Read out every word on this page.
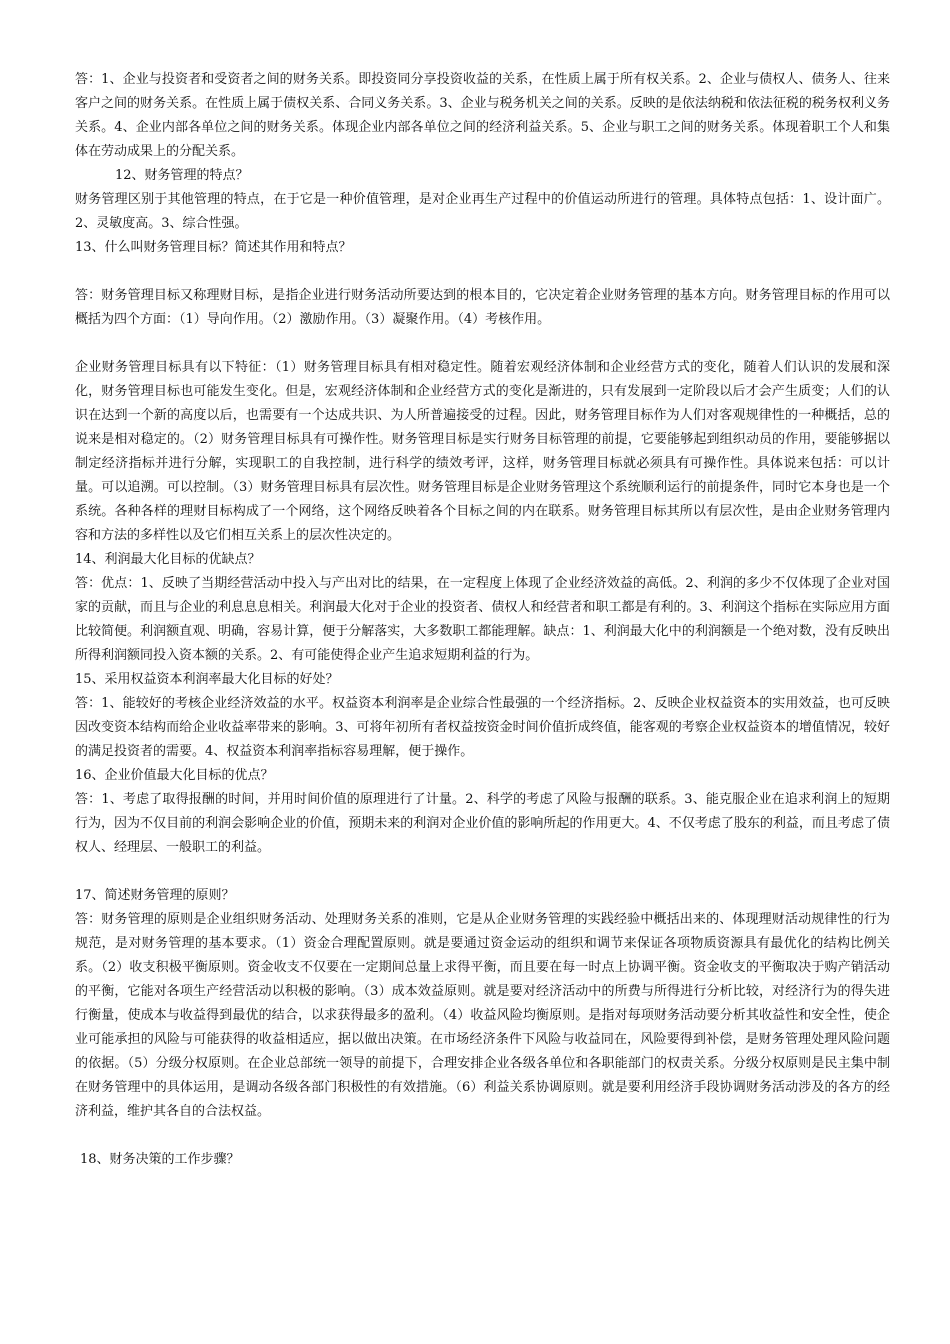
答：1、企业与投资者和受资者之间的财务关系。即投资同分享投资收益的关系，在性质上属于所有权关系。2、企业与债权人、债务人、往来客户之间的财务关系。在性质上属于债权关系、合同义务关系。3、企业与税务机关之间的关系。反映的是依法纳税和依法征税的税务权利义务关系。4、企业内部各单位之间的财务关系。体现企业内部各单位之间的经济利益关系。5、企业与职工之间的财务关系。体现着职工个人和集体在劳动成果上的分配关系。

12、财务管理的特点？

财务管理区别于其他管理的特点，在于它是一种价值管理，是对企业再生产过程中的价值运动所进行的管理。具体特点包括：1、设计面广。2、灵敏度高。3、综合性强。

13、什么叫财务管理目标？简述其作用和特点？

答：财务管理目标又称理财目标，是指企业进行财务活动所要达到的根本目的，它决定着企业财务管理的基本方向。财务管理目标的作用可以概括为四个方面：（1）导向作用。（2）激励作用。（3）凝聚作用。（4）考核作用。

企业财务管理目标具有以下特征：（1）财务管理目标具有相对稳定性。随着宏观经济体制和企业经营方式的变化，随着人们认识的发展和深化，财务管理目标也可能发生变化。但是，宏观经济体制和企业经营方式的变化是渐进的，只有发展到一定阶段以后才会产生质变；人们的认识在达到一个新的高度以后，也需要有一个达成共识、为人所普遍接受的过程。因此，财务管理目标作为人们对客观规律性的一种概括，总的说来是相对稳定的。（2）财务管理目标具有可操作性。财务管理目标是实行财务目标管理的前提，它要能够起到组织动员的作用，要能够据以制定经济指标并进行分解，实现职工的自我控制，进行科学的绩效考评，这样，财务管理目标就必须具有可操作性。具体说来包括：可以计量。可以追溯。可以控制。（3）财务管理目标具有层次性。财务管理目标是企业财务管理这个系统顺利运行的前提条件，同时它本身也是一个系统。各种各样的理财目标构成了一个网络，这个网络反映着各个目标之间的内在联系。财务管理目标其所以有层次性，是由企业财务管理内容和方法的多样性以及它们相互关系上的层次性决定的。

14、利润最大化目标的优缺点？

答：优点：1、反映了当期经营活动中投入与产出对比的结果，在一定程度上体现了企业经济效益的高低。2、利润的多少不仅体现了企业对国家的贡献，而且与企业的利息息息相关。利润最大化对于企业的投资者、债权人和经营者和职工都是有利的。3、利润这个指标在实际应用方面比较简便。利润额直观、明确，容易计算，便于分解落实，大多数职工都能理解。缺点：1、利润最大化中的利润额是一个绝对数，没有反映出所得利润额同投入资本额的关系。2、有可能使得企业产生追求短期利益的行为。

15、采用权益资本利润率最大化目标的好处？

答：1、能较好的考核企业经济效益的水平。权益资本利润率是企业综合性最强的一个经济指标。2、反映企业权益资本的实用效益，也可反映因改变资本结构而给企业收益率带来的影响。3、可将年初所有者权益按资金时间价值折成终值，能客观的考察企业权益资本的增值情况，较好的满足投资者的需要。4、权益资本利润率指标容易理解，便于操作。

16、企业价值最大化目标的优点？

答：1、考虑了取得报酬的时间，并用时间价值的原理进行了计量。2、科学的考虑了风险与报酬的联系。3、能克服企业在追求利润上的短期行为，因为不仅目前的利润会影响企业的价值，预期未来的利润对企业价值的影响所起的作用更大。4、不仅考虑了股东的利益，而且考虑了债权人、经理层、一般职工的利益。

17、简述财务管理的原则？

答：财务管理的原则是企业组织财务活动、处理财务关系的准则，它是从企业财务管理的实践经验中概括出来的、体现理财活动规律性的行为规范，是对财务管理的基本要求。（1）资金合理配置原则。就是要通过资金运动的组织和调节来保证各项物质资源具有最优化的结构比例关系。（2）收支积极平衡原则。资金收支不仅要在一定期间总量上求得平衡，而且要在每一时点上协调平衡。资金收支的平衡取决于购产销活动的平衡，它能对各项生产经营活动以积极的影响。（3）成本效益原则。就是要对经济活动中的所费与所得进行分析比较，对经济行为的得失进行衡量，使成本与收益得到最优的结合，以求获得最多的盈利。（4）收益风险均衡原则。是指对每项财务活动要分析其收益性和安全性，使企业可能承担的风险与可能获得的收益相适应，据以做出决策。在市场经济条件下风险与收益同在，风险要得到补偿，是财务管理处理风险问题的依据。（5）分级分权原则。在企业总部统一领导的前提下，合理安排企业各级各单位和各职能部门的权责关系。分级分权原则是民主集中制在财务管理中的具体运用，是调动各级各部门积极性的有效措施。（6）利益关系协调原则。就是要利用经济手段协调财务活动涉及的各方的经济利益，维护其各自的合法权益。

18、财务决策的工作步骤？
